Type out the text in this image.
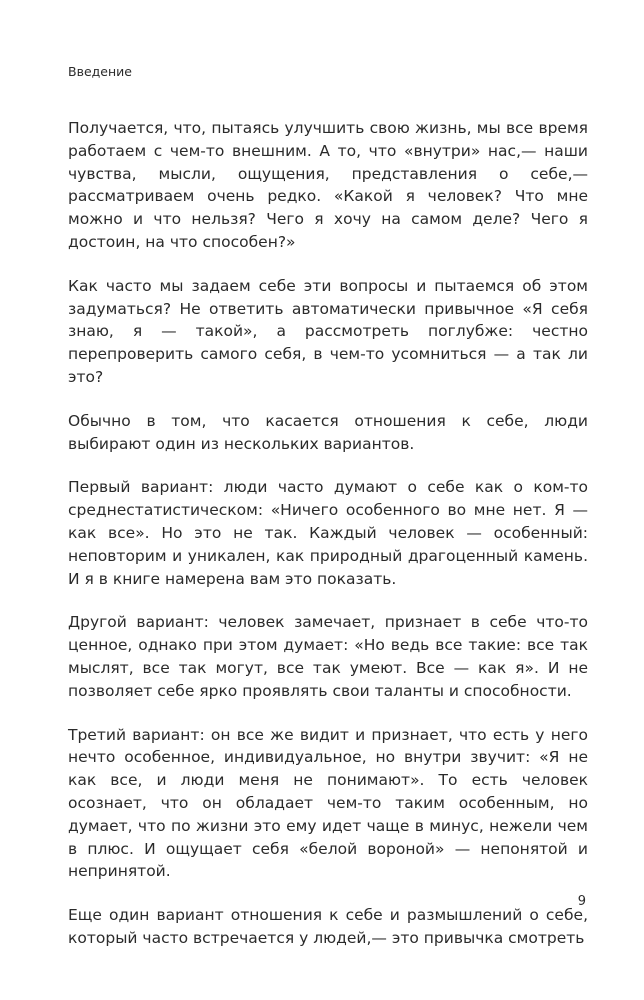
Введение

Получается, что, пытаясь улучшить свою жизнь, мы все время работаем с чем-то внешним. А то, что «внутри» нас,— наши чувства, мысли, ощущения, представления о себе,— рассматриваем очень редко. «Какой я человек? Что мне можно и что нельзя? Чего я хочу на самом деле? Чего я достоин, на что способен?»

Как часто мы задаем себе эти вопросы и пытаемся об этом задуматься? Не ответить автоматически привычное «Я себя знаю, я — такой», а рассмотреть поглубже: честно перепроверить самого себя, в чем-то усомниться — а так ли это?

Обычно в том, что касается отношения к себе, люди выбирают один из нескольких вариантов.

Первый вариант: люди часто думают о себе как о ком-то среднестатистическом: «Ничего особенного во мне нет. Я — как все». Но это не так. Каждый человек — особенный: неповторим и уникален, как природный драгоценный камень. И я в книге намерена вам это показать.

Другой вариант: человек замечает, признает в себе что-то ценное, однако при этом думает: «Но ведь все такие: все так мыслят, все так могут, все так умеют. Все — как я». И не позволяет себе ярко проявлять свои таланты и способности.

Третий вариант: он все же видит и признает, что есть у него нечто особенное, индивидуальное, но внутри звучит: «Я не как все, и люди меня не понимают». То есть человек осознает, что он обладает чем-то таким особенным, но думает, что по жизни это ему идет чаще в минус, нежели чем в плюс. И ощущает себя «белой вороной» — непонятой и непринятой.

Еще один вариант отношения к себе и размышлений о себе, который часто встречается у людей,— это привычка смотреть

9
